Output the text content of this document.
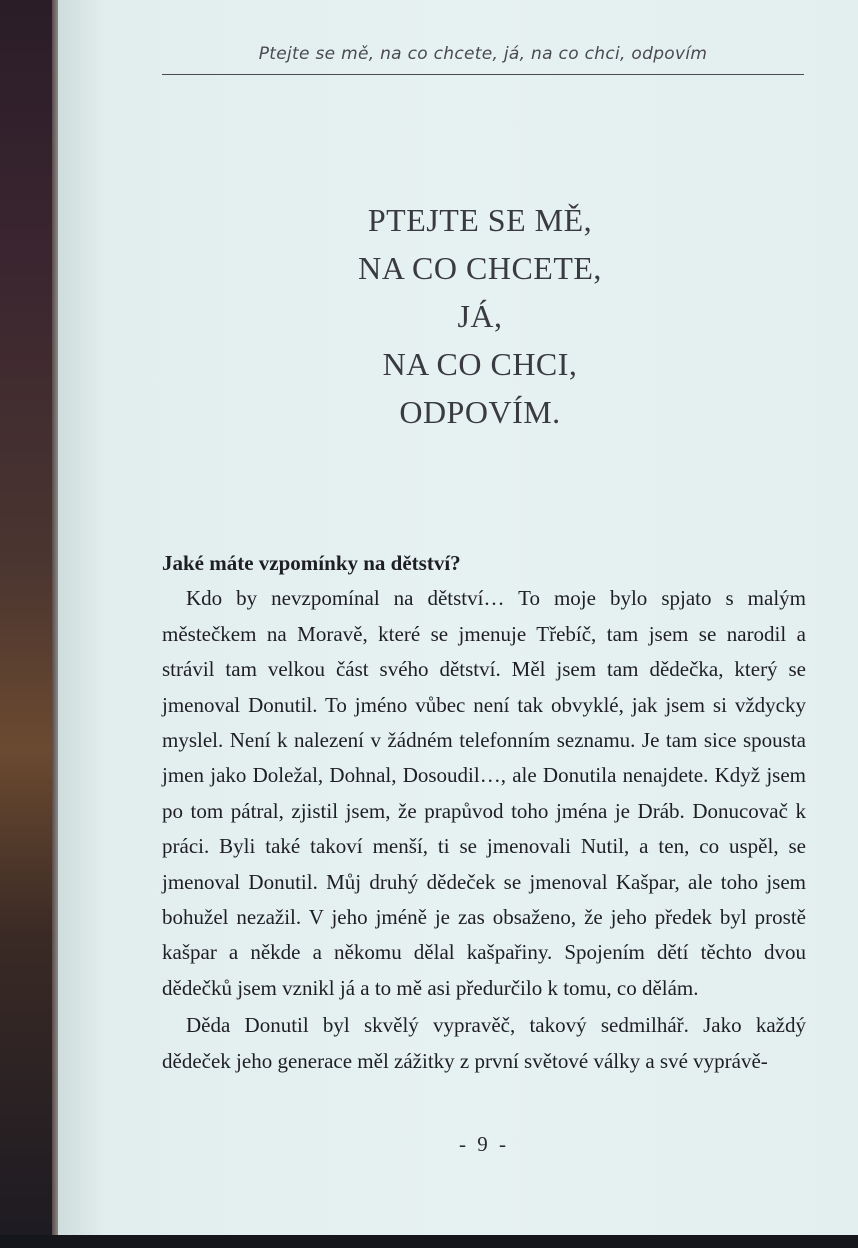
Ptejte se mě, na co chcete, já, na co chci, odpovím
PTEJTE SE MĚ,
NA CO CHCETE,
JÁ,
NA CO CHCI,
ODPOVÍM.

Jaké máte vzpomínky na dětství?

Kdo by nevzpomínal na dětství… To moje bylo spjato s malým městečkem na Moravě, které se jmenuje Třebíč, tam jsem se narodil a strávil tam velkou část svého dětství. Měl jsem tam dědečka, který se jmenoval Donutil. To jméno vůbec není tak obvyklé, jak jsem si vždycky myslel. Není k nalezení v žádném telefonním seznamu. Je tam sice spousta jmen jako Doležal, Dohnal, Dosoudil…, ale Donutila nenajdete. Když jsem po tom pátral, zjistil jsem, že prapůvod toho jména je Dráb. Donucovač k práci. Byli také takoví menší, ti se jmenovali Nutil, a ten, co uspěl, se jmenoval Donutil. Můj druhý dědeček se jmenoval Kašpar, ale toho jsem bohužel nezažil. V jeho jméně je zas obsaženo, že jeho předek byl prostě kašpar a někde a někomu dělal kašpařiny. Spojením dětí těchto dvou dědečků jsem vznikl já a to mě asi předurčilo k tomu, co dělám.

Děda Donutil byl skvělý vypravěč, takový sedmilhář. Jako každý dědeček jeho generace měl zážitky z první světové války a své vyprávě-

- 9 -
